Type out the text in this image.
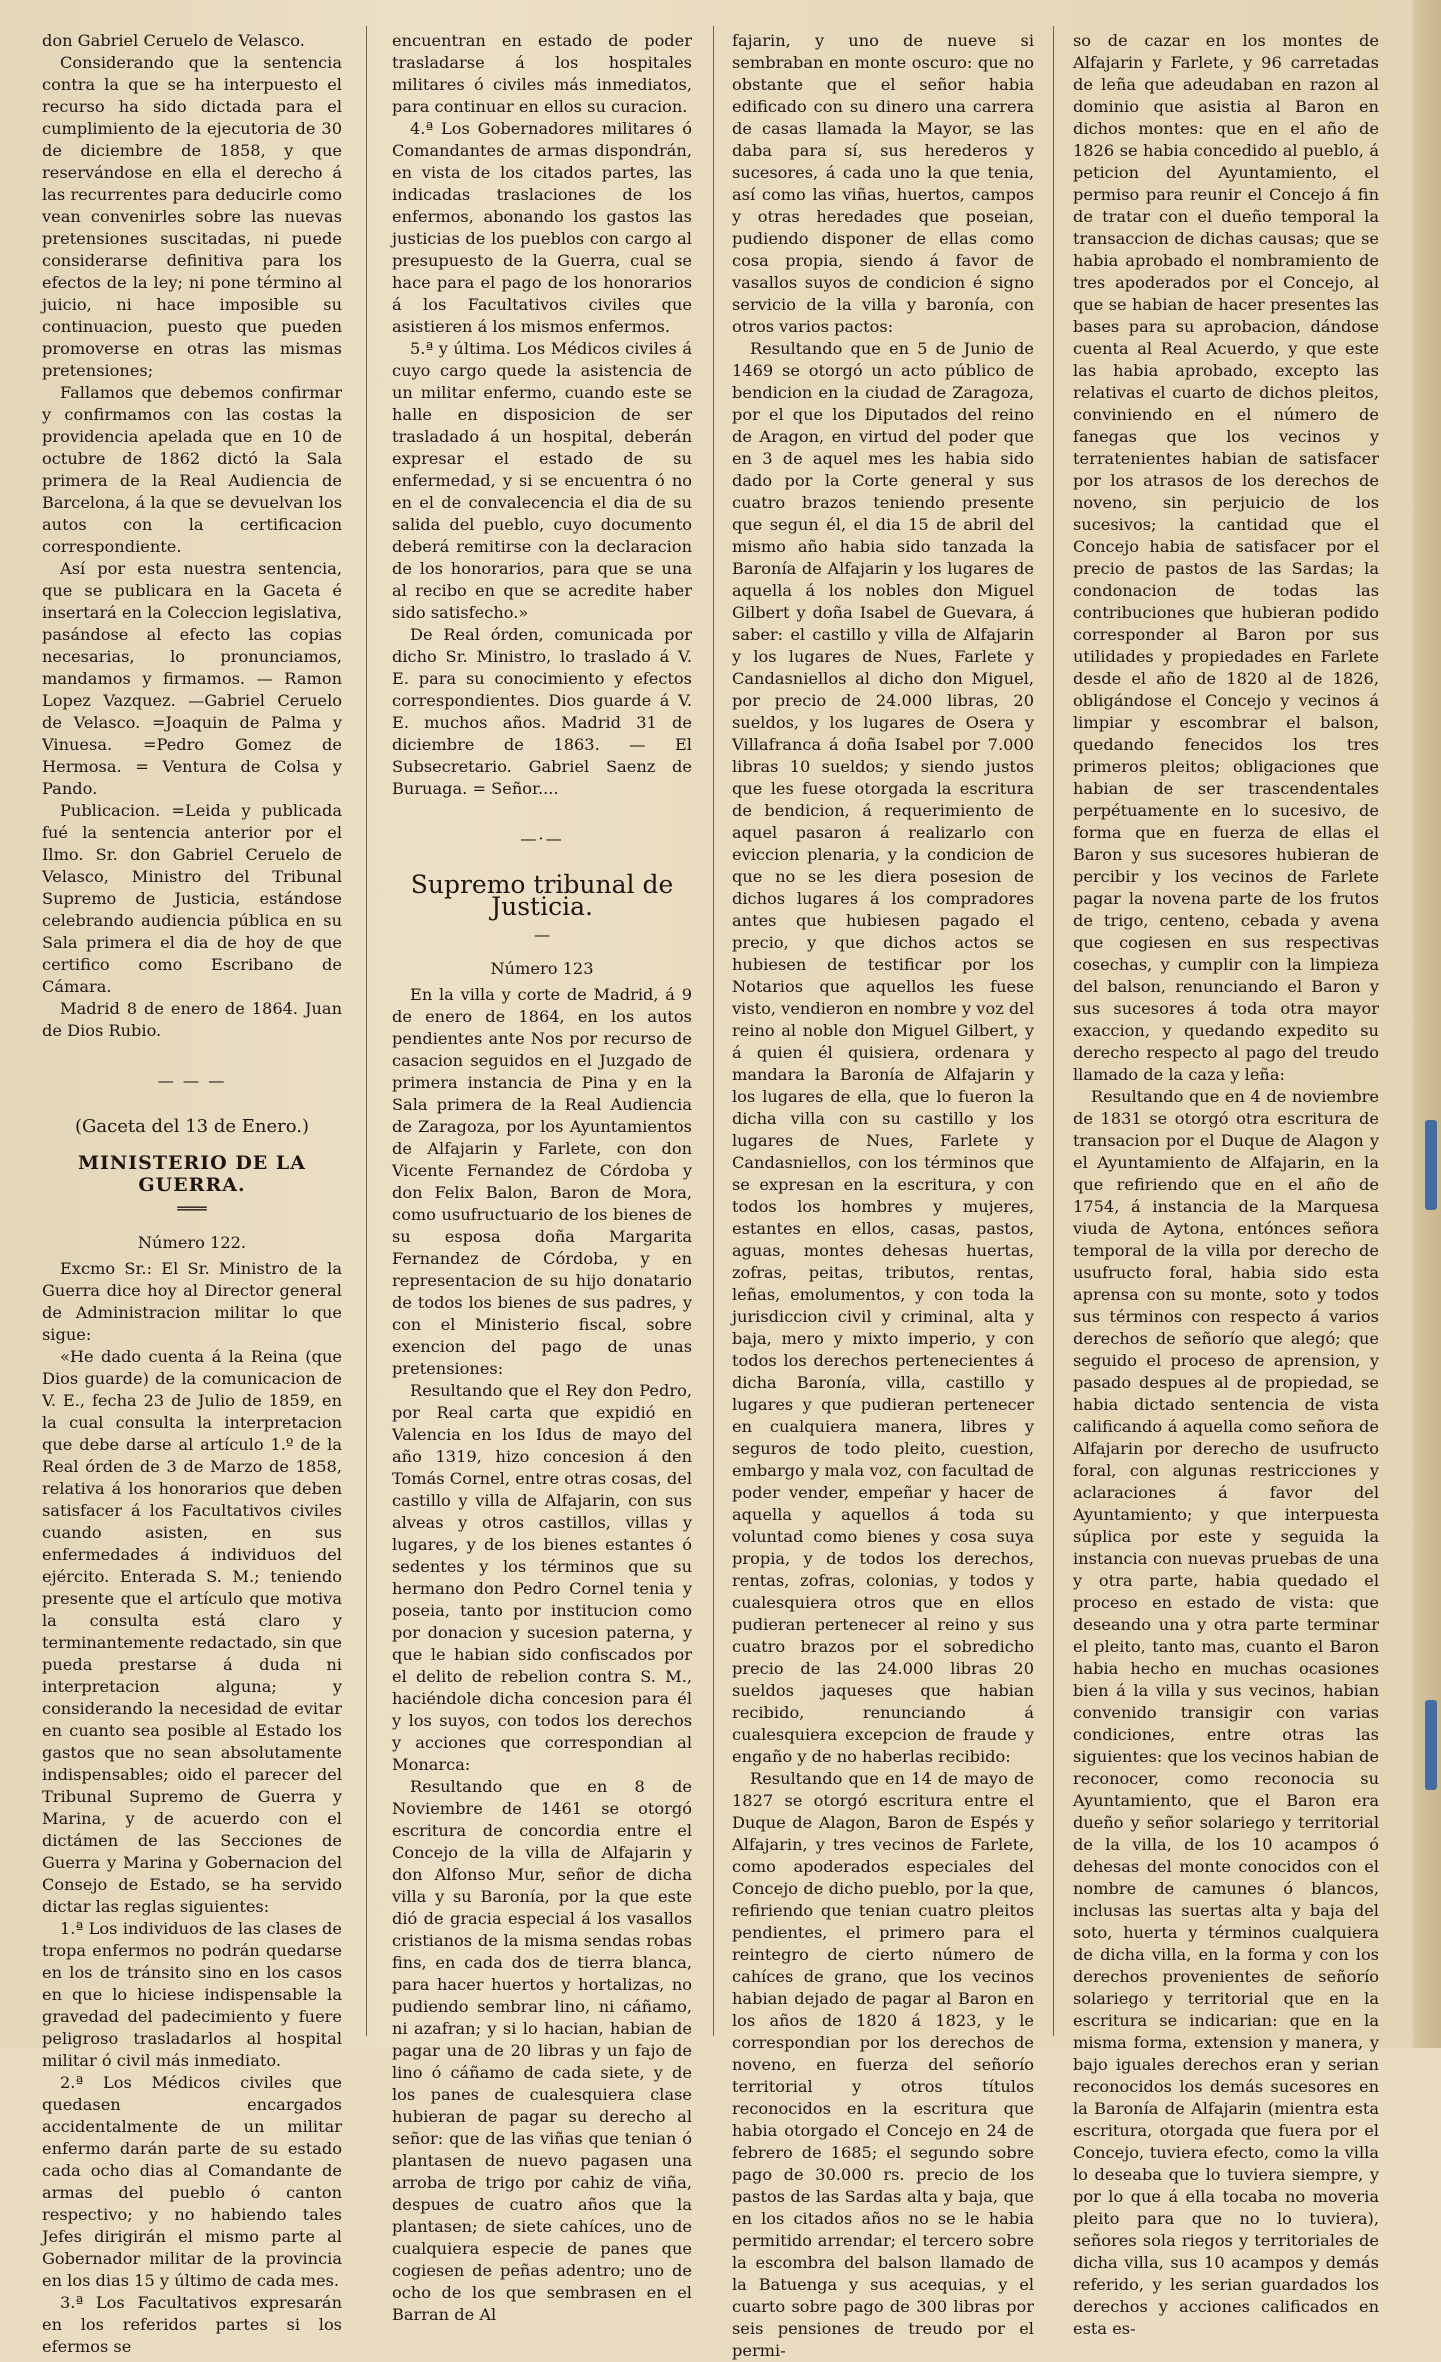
don Gabriel Ceruelo de Velasco.

Considerando que la sentencia contra la que se ha interpuesto el recurso ha sido dictada para el cumplimiento de la ejecutoria de 30 de diciembre de 1858, y que reservándose en ella el derecho á las recurrentes para deducirle como vean convenirles sobre las nuevas pretensiones suscitadas, ni puede considerarse definitiva para los efectos de la ley; ni pone término al juicio, ni hace imposible su continuacion, puesto que pueden promoverse en otras las mismas pretensiones;

Fallamos que debemos confirmar y confirmamos con las costas la providencia apelada que en 10 de octubre de 1862 dictó la Sala primera de la Real Audiencia de Barcelona, á la que se devuelvan los autos con la certificacion correspondiente.

Así por esta nuestra sentencia, que se publicara en la Gaceta é insertará en la Coleccion legislativa, pasándose al efecto las copias necesarias, lo pronunciamos, mandamos y firmamos. — Ramon Lopez Vazquez. —Gabriel Ceruelo de Velasco. =Joaquin de Palma y Vinuesa. =Pedro Gomez de Hermosa. = Ventura de Colsa y Pando.

Publicacion. =Leida y publicada fué la sentencia anterior por el Ilmo. Sr. don Gabriel Ceruelo de Velasco, Ministro del Tribunal Supremo de Justicia, estándose celebrando audiencia pública en su Sala primera el dia de hoy de que certifico como Escribano de Cámara.

Madrid 8 de enero de 1864. Juan de Dios Rubio.

— — —
(Gaceta del 13 de Enero.)
MINISTERIO DE LA GUERRA.
═══
Número 122.

Excmo Sr.: El Sr. Ministro de la Guerra dice hoy al Director general de Administracion militar lo que sigue:

«He dado cuenta á la Reina (que Dios guarde) de la comunicacion de V. E., fecha 23 de Julio de 1859, en la cual consulta la interpretacion que debe darse al artículo 1.º de la Real órden de 3 de Marzo de 1858, relativa á los honorarios que deben satisfacer á los Facultativos civiles cuando asisten, en sus enfermedades á individuos del ejército. Enterada S. M.; teniendo presente que el artículo que motiva la consulta está claro y terminantemente redactado, sin que pueda prestarse á duda ni interpretacion alguna; y considerando la necesidad de evitar en cuanto sea posible al Estado los gastos que no sean absolutamente indispensables; oido el parecer del Tribunal Supremo de Guerra y Marina, y de acuerdo con el dictámen de las Secciones de Guerra y Marina y Gobernacion del Consejo de Estado, se ha servido dictar las reglas siguientes:

1.ª Los individuos de las clases de tropa enfermos no podrán quedarse en los de tránsito sino en los casos en que lo hiciese indispensable la gravedad del padecimiento y fuere peligroso trasladarlos al hospital militar ó civil más inmediato.

2.ª Los Médicos civiles que quedasen encargados accidentalmente de un militar enfermo darán parte de su estado cada ocho dias al Comandante de armas del pueblo ó canton respectivo; y no habiendo tales Jefes dirigirán el mismo parte al Gobernador militar de la provincia en los dias 15 y último de cada mes.

3.ª Los Facultativos expresarán en los referidos partes si los efermos se

encuentran en estado de poder trasladarse á los hospitales militares ó civiles más inmediatos, para continuar en ellos su curacion.

4.ª Los Gobernadores militares ó Comandantes de armas dispondrán, en vista de los citados partes, las indicadas traslaciones de los enfermos, abonando los gastos las justicias de los pueblos con cargo al presupuesto de la Guerra, cual se hace para el pago de los honorarios á los Facultativos civiles que asistieren á los mismos enfermos.

5.ª y última. Los Médicos civiles á cuyo cargo quede la asistencia de un militar enfermo, cuando este se halle en disposicion de ser trasladado á un hospital, deberán expresar el estado de su enfermedad, y si se encuentra ó no en el de convalecencia el dia de su salida del pueblo, cuyo documento deberá remitirse con la declaracion de los honorarios, para que se una al recibo en que se acredite haber sido satisfecho.»

De Real órden, comunicada por dicho Sr. Ministro, lo traslado á V. E. para su conocimiento y efectos correspondientes. Dios guarde á V. E. muchos años. Madrid 31 de diciembre de 1863. — El Subsecretario. Gabriel Saenz de Buruaga. = Señor....

—·—
Supremo tribunal de Justicia.
—
Número 123

En la villa y corte de Madrid, á 9 de enero de 1864, en los autos pendientes ante Nos por recurso de casacion seguidos en el Juzgado de primera instancia de Pina y en la Sala primera de la Real Audiencia de Zaragoza, por los Ayuntamientos de Alfajarin y Farlete, con don Vicente Fernandez de Córdoba y don Felix Balon, Baron de Mora, como usufructuario de los bienes de su esposa doña Margarita Fernandez de Córdoba, y en representacion de su hijo donatario de todos los bienes de sus padres, y con el Ministerio fiscal, sobre exencion del pago de unas pretensiones:

Resultando que el Rey don Pedro, por Real carta que expidió en Valencia en los Idus de mayo del año 1319, hizo concesion á den Tomás Cornel, entre otras cosas, del castillo y villa de Alfajarin, con sus alveas y otros castillos, villas y lugares, y de los bienes estantes ó sedentes y los términos que su hermano don Pedro Cornel tenia y poseia, tanto por institucion como por donacion y sucesion paterna, y que le habian sido confiscados por el delito de rebelion contra S. M., haciéndole dicha concesion para él y los suyos, con todos los derechos y acciones que correspondian al Monarca:

Resultando que en 8 de Noviembre de 1461 se otorgó escritura de concordia entre el Concejo de la villa de Alfajarin y don Alfonso Mur, señor de dicha villa y su Baronía, por la que este dió de gracia especial á los vasallos cristianos de la misma sendas robas fins, en cada dos de tierra blanca, para hacer huertos y hortalizas, no pudiendo sembrar lino, ni cáñamo, ni azafran; y si lo hacian, habian de pagar una de 20 libras y un fajo de lino ó cáñamo de cada siete, y de los panes de cualesquiera clase hubieran de pagar su derecho al señor: que de las viñas que tenian ó plantasen de nuevo pagasen una arroba de trigo por cahiz de viña, despues de cuatro años que la plantasen; de siete cahíces, uno de cualquiera especie de panes que cogiesen de peñas adentro; uno de ocho de los que sembrasen en el Barran de Al

fajarin, y uno de nueve si sembraban en monte oscuro: que no obstante que el señor habia edificado con su dinero una carrera de casas llamada la Mayor, se las daba para sí, sus herederos y sucesores, á cada uno la que tenia, así como las viñas, huertos, campos y otras heredades que poseian, pudiendo disponer de ellas como cosa propia, siendo á favor de vasallos suyos de condicion é signo servicio de la villa y baronía, con otros varios pactos:

Resultando que en 5 de Junio de 1469 se otorgó un acto público de bendicion en la ciudad de Zaragoza, por el que los Diputados del reino de Aragon, en virtud del poder que en 3 de aquel mes les habia sido dado por la Corte general y sus cuatro brazos teniendo presente que segun él, el dia 15 de abril del mismo año habia sido tanzada la Baronía de Alfajarin y los lugares de aquella á los nobles don Miguel Gilbert y doña Isabel de Guevara, á saber: el castillo y villa de Alfajarin y los lugares de Nues, Farlete y Candasniellos al dicho don Miguel, por precio de 24.000 libras, 20 sueldos, y los lugares de Osera y Villafranca á doña Isabel por 7.000 libras 10 sueldos; y siendo justos que les fuese otorgada la escritura de bendicion, á requerimiento de aquel pasaron á realizarlo con eviccion plenaria, y la condicion de que no se les diera posesion de dichos lugares á los compradores antes que hubiesen pagado el precio, y que dichos actos se hubiesen de testificar por los Notarios que aquellos les fuese visto, vendieron en nombre y voz del reino al noble don Miguel Gilbert, y á quien él quisiera, ordenara y mandara la Baronía de Alfajarin y los lugares de ella, que lo fueron la dicha villa con su castillo y los lugares de Nues, Farlete y Candasniellos, con los términos que se expresan en la escritura, y con todos los hombres y mujeres, estantes en ellos, casas, pastos, aguas, montes dehesas huertas, zofras, peitas, tributos, rentas, leñas, emolumentos, y con toda la jurisdiccion civil y criminal, alta y baja, mero y mixto imperio, y con todos los derechos pertenecientes á dicha Baronía, villa, castillo y lugares y que pudieran pertenecer en cualquiera manera, libres y seguros de todo pleito, cuestion, embargo y mala voz, con facultad de poder vender, empeñar y hacer de aquella y aquellos á toda su voluntad como bienes y cosa suya propia, y de todos los derechos, rentas, zofras, colonias, y todos y cualesquiera otros que en ellos pudieran pertenecer al reino y sus cuatro brazos por el sobredicho precio de las 24.000 libras 20 sueldos jaqueses que habian recibido, renunciando á cualesquiera excepcion de fraude y engaño y de no haberlas recibido:

Resultando que en 14 de mayo de 1827 se otorgó escritura entre el Duque de Alagon, Baron de Espés y Alfajarin, y tres vecinos de Farlete, como apoderados especiales del Concejo de dicho pueblo, por la que, refiriendo que tenian cuatro pleitos pendientes, el primero para el reintegro de cierto número de cahíces de grano, que los vecinos habian dejado de pagar al Baron en los años de 1820 á 1823, y le correspondian por los derechos de noveno, en fuerza del señorío territorial y otros títulos reconocidos en la escritura que habia otorgado el Concejo en 24 de febrero de 1685; el segundo sobre pago de 30.000 rs. precio de los pastos de las Sardas alta y baja, que en los citados años no se le habia permitido arrendar; el tercero sobre la escombra del balson llamado de la Batuenga y sus acequias, y el cuarto sobre pago de 300 libras por seis pensiones de treudo por el permi-

so de cazar en los montes de Alfajarin y Farlete, y 96 carretadas de leña que adeudaban en razon al dominio que asistia al Baron en dichos montes: que en el año de 1826 se habia concedido al pueblo, á peticion del Ayuntamiento, el permiso para reunir el Concejo á fin de tratar con el dueño temporal la transaccion de dichas causas; que se habia aprobado el nombramiento de tres apoderados por el Concejo, al que se habian de hacer presentes las bases para su aprobacion, dándose cuenta al Real Acuerdo, y que este las habia aprobado, excepto las relativas el cuarto de dichos pleitos, conviniendo en el número de fanegas que los vecinos y terratenientes habian de satisfacer por los atrasos de los derechos de noveno, sin perjuicio de los sucesivos; la cantidad que el Concejo habia de satisfacer por el precio de pastos de las Sardas; la condonacion de todas las contribuciones que hubieran podido corresponder al Baron por sus utilidades y propiedades en Farlete desde el año de 1820 al de 1826, obligándose el Concejo y vecinos á limpiar y escombrar el balson, quedando fenecidos los tres primeros pleitos; obligaciones que habian de ser trascendentales perpétuamente en lo sucesivo, de forma que en fuerza de ellas el Baron y sus sucesores hubieran de percibir y los vecinos de Farlete pagar la novena parte de los frutos de trigo, centeno, cebada y avena que cogiesen en sus respectivas cosechas, y cumplir con la limpieza del balson, renunciando el Baron y sus sucesores á toda otra mayor exaccion, y quedando expedito su derecho respecto al pago del treudo llamado de la caza y leña:

Resultando que en 4 de noviembre de 1831 se otorgó otra escritura de transacion por el Duque de Alagon y el Ayuntamiento de Alfajarin, en la que refiriendo que en el año de 1754, á instancia de la Marquesa viuda de Aytona, entónces señora temporal de la villa por derecho de usufructo foral, habia sido esta aprensa con su monte, soto y todos sus términos con respecto á varios derechos de señorío que alegó; que seguido el proceso de aprension, y pasado despues al de propiedad, se habia dictado sentencia de vista calificando á aquella como señora de Alfajarin por derecho de usufructo foral, con algunas restricciones y aclaraciones á favor del Ayuntamiento; y que interpuesta súplica por este y seguida la instancia con nuevas pruebas de una y otra parte, habia quedado el proceso en estado de vista: que deseando una y otra parte terminar el pleito, tanto mas, cuanto el Baron habia hecho en muchas ocasiones bien á la villa y sus vecinos, habian convenido transigir con varias condiciones, entre otras las siguientes: que los vecinos habian de reconocer, como reconocia su Ayuntamiento, que el Baron era dueño y señor solariego y territorial de la villa, de los 10 acampos ó dehesas del monte conocidos con el nombre de camunes ó blancos, inclusas las suertas alta y baja del soto, huerta y términos cualquiera de dicha villa, en la forma y con los derechos provenientes de señorío solariego y territorial que en la escritura se indicarian: que en la misma forma, extension y manera, y bajo iguales derechos eran y serian reconocidos los demás sucesores en la Baronía de Alfajarin (mientra esta escritura, otorgada que fuera por el Concejo, tuviera efecto, como la villa lo deseaba que lo tuviera siempre, y por lo que á ella tocaba no moveria pleito para que no lo tuviera), señores sola riegos y territoriales de dicha villa, sus 10 acampos y demás referido, y les serian guardados los derechos y acciones calificados en esta es-
